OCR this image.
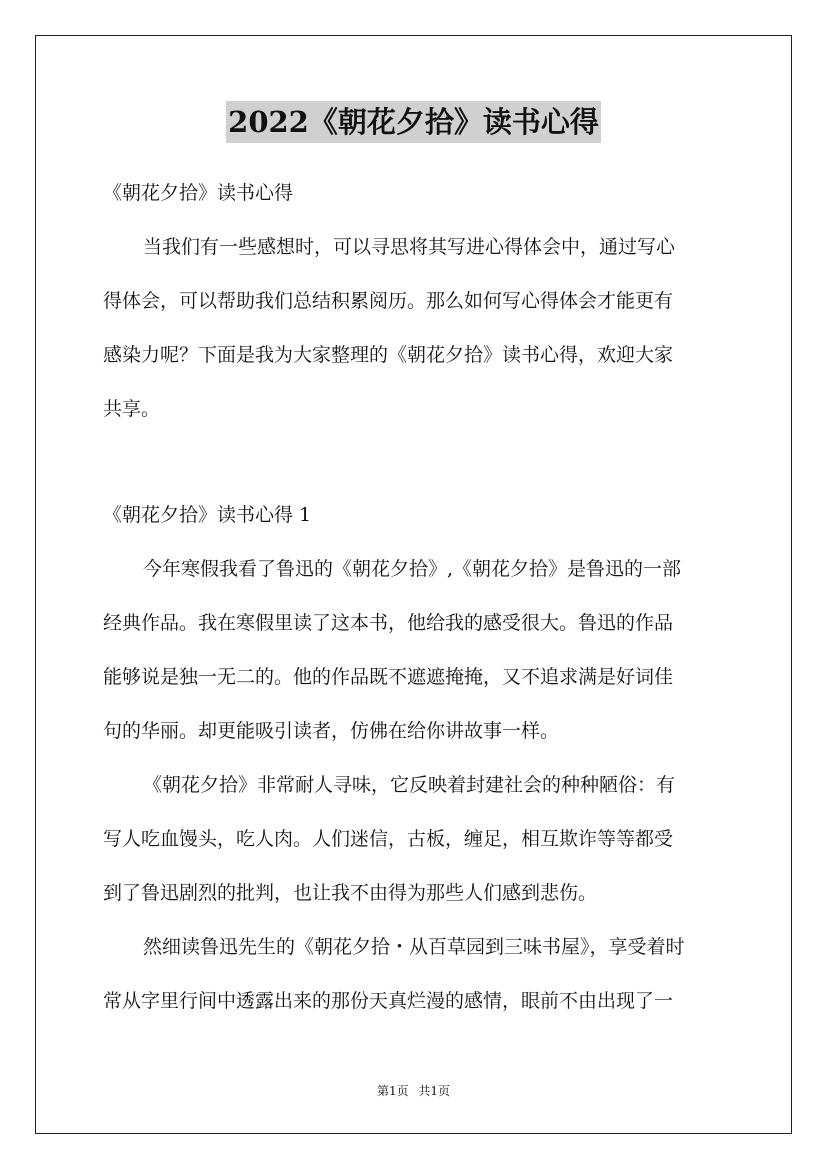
2022《朝花夕拾》读书心得
《朝花夕拾》读书心得
当我们有一些感想时，可以寻思将其写进心得体会中，通过写心
得体会，可以帮助我们总结积累阅历。那么如何写心得体会才能更有
感染力呢？下面是我为大家整理的《朝花夕拾》读书心得，欢迎大家
共享。
《朝花夕拾》读书心得 1
今年寒假我看了鲁迅的《朝花夕拾》,《朝花夕拾》是鲁迅的一部
经典作品。我在寒假里读了这本书，他给我的感受很大。鲁迅的作品
能够说是独一无二的。他的作品既不遮遮掩掩，又不追求满是好词佳
句的华丽。却更能吸引读者，仿佛在给你讲故事一样。
《朝花夕拾》非常耐人寻味，它反映着封建社会的种种陋俗：有
写人吃血馒头，吃人肉。人们迷信，古板，缠足，相互欺诈等等都受
到了鲁迅剧烈的批判，也让我不由得为那些人们感到悲伤。
然细读鲁迅先生的《朝花夕拾・从百草园到三味书屋》，享受着时
常从字里行间中透露出来的那份天真烂漫的感情，眼前不由出现了一
第1页 共1页
